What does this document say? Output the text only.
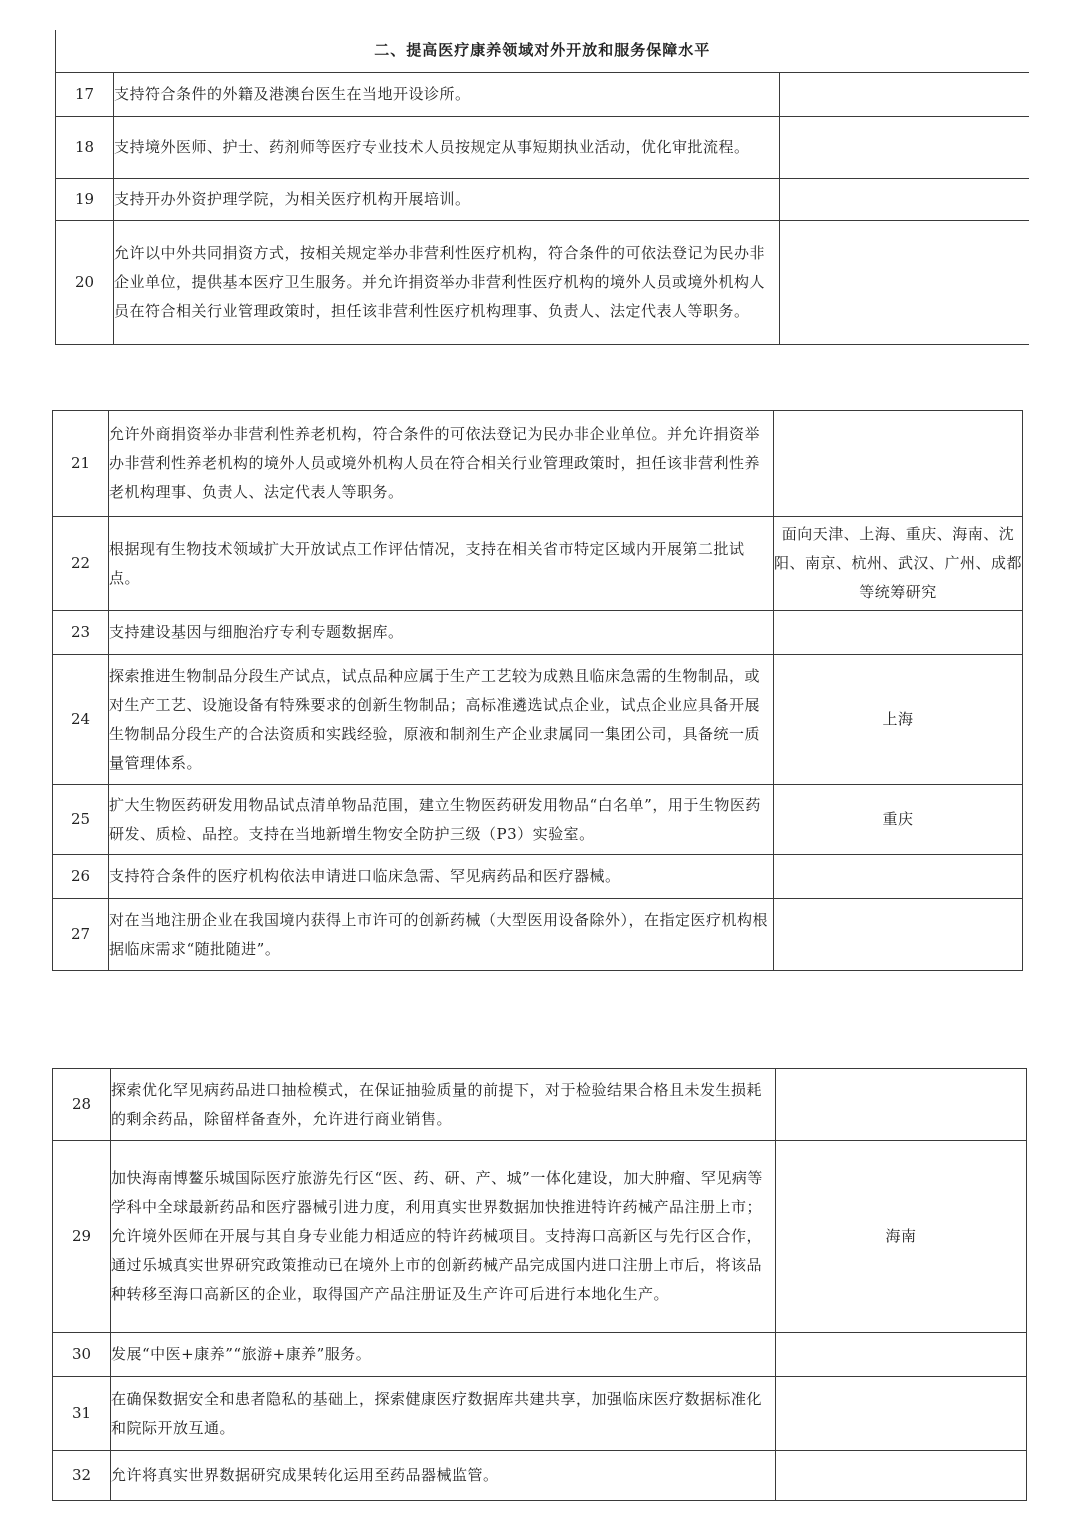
二、提高医疗康养领域对外开放和服务保障水平		
17	支持符合条件的外籍及港澳台医生在当地开设诊所。	
18	支持境外医师、护士、药剂师等医疗专业技术人员按规定从事短期执业活动，优化审批流程。	
19	支持开办外资护理学院，为相关医疗机构开展培训。	
20	允许以中外共同捐资方式，按相关规定举办非营利性医疗机构，符合条件的可依法登记为民办非企业单位，提供基本医疗卫生服务。并允许捐资举办非营利性医疗机构的境外人员或境外机构人员在符合相关行业管理政策时，担任该非营利性医疗机构理事、负责人、法定代表人等职务。	
21	允许外商捐资举办非营利性养老机构，符合条件的可依法登记为民办非企业单位。并允许捐资举办非营利性养老机构的境外人员或境外机构人员在符合相关行业管理政策时，担任该非营利性养老机构理事、负责人、法定代表人等职务。	
22	根据现有生物技术领域扩大开放试点工作评估情况，支持在相关省市特定区域内开展第二批试点。	面向天津、上海、重庆、海南、沈阳、南京、杭州、武汉、广州、成都等统筹研究
23	支持建设基因与细胞治疗专利专题数据库。	
24	探索推进生物制品分段生产试点，试点品种应属于生产工艺较为成熟且临床急需的生物制品，或对生产工艺、设施设备有特殊要求的创新生物制品；高标准遴选试点企业，试点企业应具备开展生物制品分段生产的合法资质和实践经验，原液和制剂生产企业隶属同一集团公司，具备统一质量管理体系。	上海
25	扩大生物医药研发用物品试点清单物品范围，建立生物医药研发用物品“白名单”，用于生物医药研发、质检、品控。支持在当地新增生物安全防护三级（P3）实验室。	重庆
26	支持符合条件的医疗机构依法申请进口临床急需、罕见病药品和医疗器械。	
27	对在当地注册企业在我国境内获得上市许可的创新药械（大型医用设备除外），在指定医疗机构根据临床需求“随批随进”。	
28	探索优化罕见病药品进口抽检模式，在保证抽验质量的前提下，对于检验结果合格且未发生损耗的剩余药品，除留样备查外，允许进行商业销售。	
29	加快海南博鳌乐城国际医疗旅游先行区“医、药、研、产、城”一体化建设，加大肿瘤、罕见病等学科中全球最新药品和医疗器械引进力度，利用真实世界数据加快推进特许药械产品注册上市；允许境外医师在开展与其自身专业能力相适应的特许药械项目。支持海口高新区与先行区合作，通过乐城真实世界研究政策推动已在境外上市的创新药械产品完成国内进口注册上市后，将该品种转移至海口高新区的企业，取得国产产品注册证及生产许可后进行本地化生产。	海南
30	发展“中医+康养”“旅游+康养”服务。	
31	在确保数据安全和患者隐私的基础上，探索健康医疗数据库共建共享，加强临床医疗数据标准化和院际开放互通。	
32	允许将真实世界数据研究成果转化运用至药品器械监管。	
